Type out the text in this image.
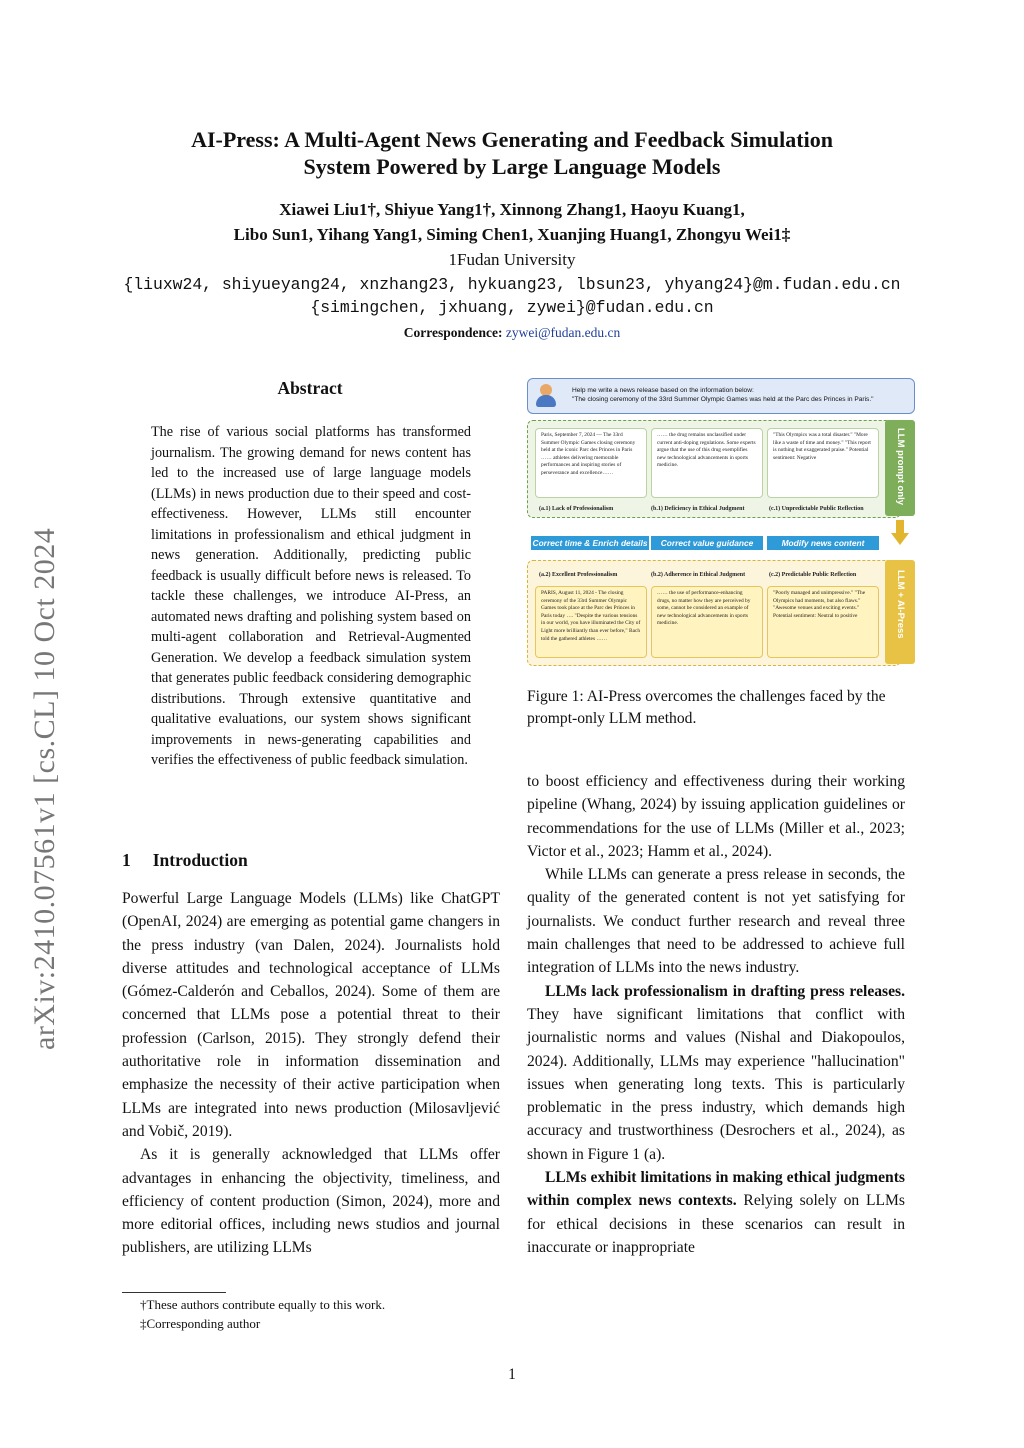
AI-Press: A Multi-Agent News Generating and Feedback Simulation
System Powered by Large Language Models
Xiawei Liu1†, Shiyue Yang1†, Xinnong Zhang1, Haoyu Kuang1,
Libo Sun1, Yihang Yang1, Siming Chen1, Xuanjing Huang1, Zhongyu Wei1‡
1Fudan University
{liuxw24, shiyueyang24, xnzhang23, hykuang23, lbsun23, yhyang24}@m.fudan.edu.cn
{simingchen, jxhuang, zywei}@fudan.edu.cn
Correspondence: zywei@fudan.edu.cn
arXiv:2410.07561v1 [cs.CL] 10 Oct 2024
Abstract
The rise of various social platforms has transformed journalism. The growing demand for news content has led to the increased use of large language models (LLMs) in news production due to their speed and cost-effectiveness. However, LLMs still encounter limitations in professionalism and ethical judgment in news generation. Additionally, predicting public feedback is usually difficult before news is released. To tackle these challenges, we introduce AI-Press, an automated news drafting and polishing system based on multi-agent collaboration and Retrieval-Augmented Generation. We develop a feedback simulation system that generates public feedback considering demographic distributions. Through extensive quantitative and qualitative evaluations, our system shows significant improvements in news-generating capabilities and verifies the effectiveness of public feedback simulation.
1 Introduction

Powerful Large Language Models (LLMs) like ChatGPT (OpenAI, 2024) are emerging as potential game changers in the press industry (van Dalen, 2024). Journalists hold diverse attitudes and technological acceptance of LLMs (Gómez-Calderón and Ceballos, 2024). Some of them are concerned that LLMs pose a potential threat to their profession (Carlson, 2015). They strongly defend their authoritative role in information dissemination and emphasize the necessity of their active participation when LLMs are integrated into news production (Milosavljević and Vobič, 2019).

As it is generally acknowledged that LLMs offer advantages in enhancing the objectivity, timeliness, and efficiency of content production (Simon, 2024), more and more editorial offices, including news studios and journal publishers, are utilizing LLMs

†These authors contribute equally to this work.
‡Corresponding author
Help me write a news release based on the information below:
"The closing ceremony of the 33rd Summer Olympic Games was held at the Parc des Princes in Paris."
LLM prompt only
Paris, September 7, 2024 — The 33rd Summer Olympic Games closing ceremony held at the iconic Parc des Princes in Paris …… athletes delivering memorable performances and inspiring stories of perseverance and excellence……
…… the drug remains unclassified under current anti-doping regulations. Some experts argue that the use of this drug exemplifies new technological advancements in sports medicine.
"This Olympics was a total disaster." "More like a waste of time and money." "This report is nothing but exaggerated praise." Potential sentiment: Negative
(a.1) Lack of Professionalism	(b.1) Deficiency in Ethical Judgment	(c.1) Unpredictable Public Reflection
Correct time & Enrich details	Correct value guidance	Modify news content
LLM + AI-Press
(a.2) Excellent Professionalism	(b.2) Adherence in Ethical Judgment	(c.2) Predictable Public Reflection
PARIS, August 11, 2024 - The closing ceremony of the 33rd Summer Olympic Games took place at the Parc des Princes in Paris today …. "Despite the various tensions in our world, you have illuminated the City of Light more brilliantly than ever before," Bach told the gathered athletes ……
…… the use of performance-enhancing drugs, no matter how they are perceived by some, cannot be considered an example of new technological advancements in sports medicine.
"Poorly managed and unimpressive." "The Olympics had moments, but also flaws." "Awesome venues and exciting events." Potential sentiment: Neutral to positive
Figure 1: AI-Press overcomes the challenges faced by the prompt-only LLM method.

to boost efficiency and effectiveness during their working pipeline (Whang, 2024) by issuing application guidelines or recommendations for the use of LLMs (Miller et al., 2023; Victor et al., 2023; Hamm et al., 2024).

While LLMs can generate a press release in seconds, the quality of the generated content is not yet satisfying for journalists. We conduct further research and reveal three main challenges that need to be addressed to achieve full integration of LLMs into the news industry.

LLMs lack professionalism in drafting press releases. They have significant limitations that conflict with journalistic norms and values (Nishal and Diakopoulos, 2024). Additionally, LLMs may experience "hallucination" issues when generating long texts. This is particularly problematic in the press industry, which demands high accuracy and trustworthiness (Desrochers et al., 2024), as shown in Figure 1 (a).

LLMs exhibit limitations in making ethical judgments within complex news contexts. Relying solely on LLMs for ethical decisions in these scenarios can result in inaccurate or inappropriate

1
